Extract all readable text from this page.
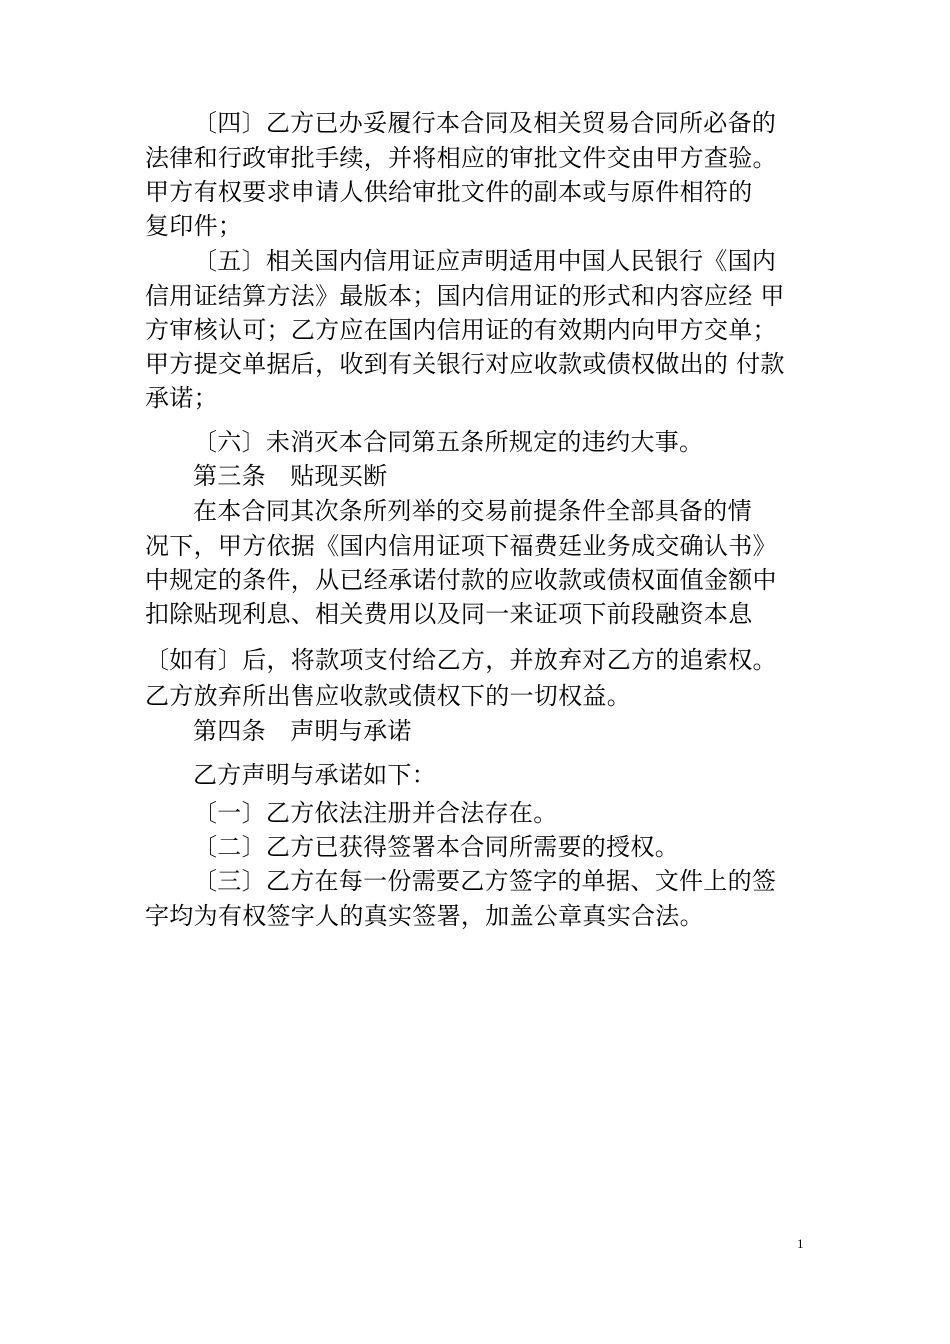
〔四〕乙方已办妥履行本合同及相关贸易合同所必备的
法律和行政审批手续，并将相应的审批文件交由甲方查验。
甲方有权要求申请人供给审批文件的副本或与原件相符的
复印件；
〔五〕相关国内信用证应声明适用中国人民银行《国内
信用证结算方法》最版本；国内信用证的形式和内容应经 甲
方审核认可；乙方应在国内信用证的有效期内向甲方交单；
甲方提交单据后，收到有关银行对应收款或债权做出的 付款
承诺；
〔六〕未消灭本合同第五条所规定的违约大事。
第三条　贴现买断
在本合同其次条所列举的交易前提条件全部具备的情
况下，甲方依据《国内信用证项下福费廷业务成交确认书》
中规定的条件，从已经承诺付款的应收款或债权面值金额中
扣除贴现利息、相关费用以及同一来证项下前段融资本息
〔如有〕后，将款项支付给乙方，并放弃对乙方的追索权。
乙方放弃所出售应收款或债权下的一切权益。
第四条　声明与承诺
乙方声明与承诺如下：
〔一〕乙方依法注册并合法存在。
〔二〕乙方已获得签署本合同所需要的授权。
〔三〕乙方在每一份需要乙方签字的单据、文件上的签
字均为有权签字人的真实签署，加盖公章真实合法。
1
